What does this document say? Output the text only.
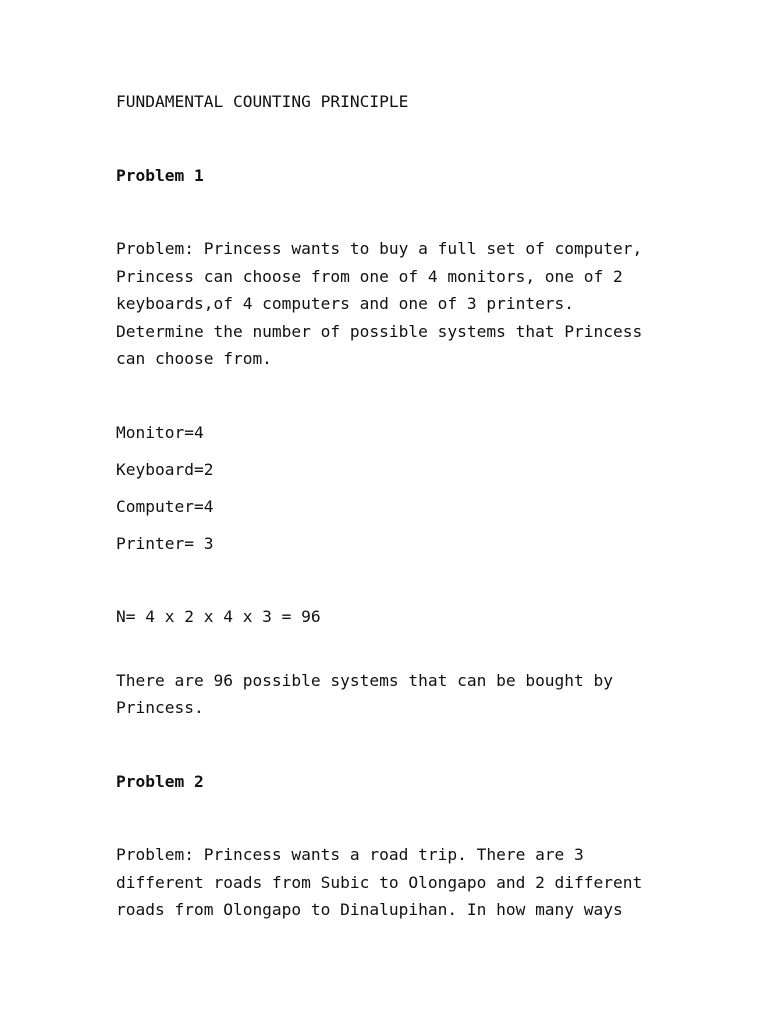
FUNDAMENTAL COUNTING PRINCIPLE

Problem 1

Problem: Princess wants to buy a full set of computer, Princess can choose from one of 4 monitors, one of 2 keyboards,of 4 computers and one of 3 printers. Determine the number of possible systems that Princess can choose from.

Monitor=4

Keyboard=2

Computer=4

Printer= 3

N= 4 x 2 x 4 x 3 = 96

There are 96 possible systems that can be bought by Princess.

Problem 2

Problem: Princess wants a road trip. There are 3 different roads from Subic to Olongapo and 2 different roads from Olongapo to Dinalupihan. In how many ways
